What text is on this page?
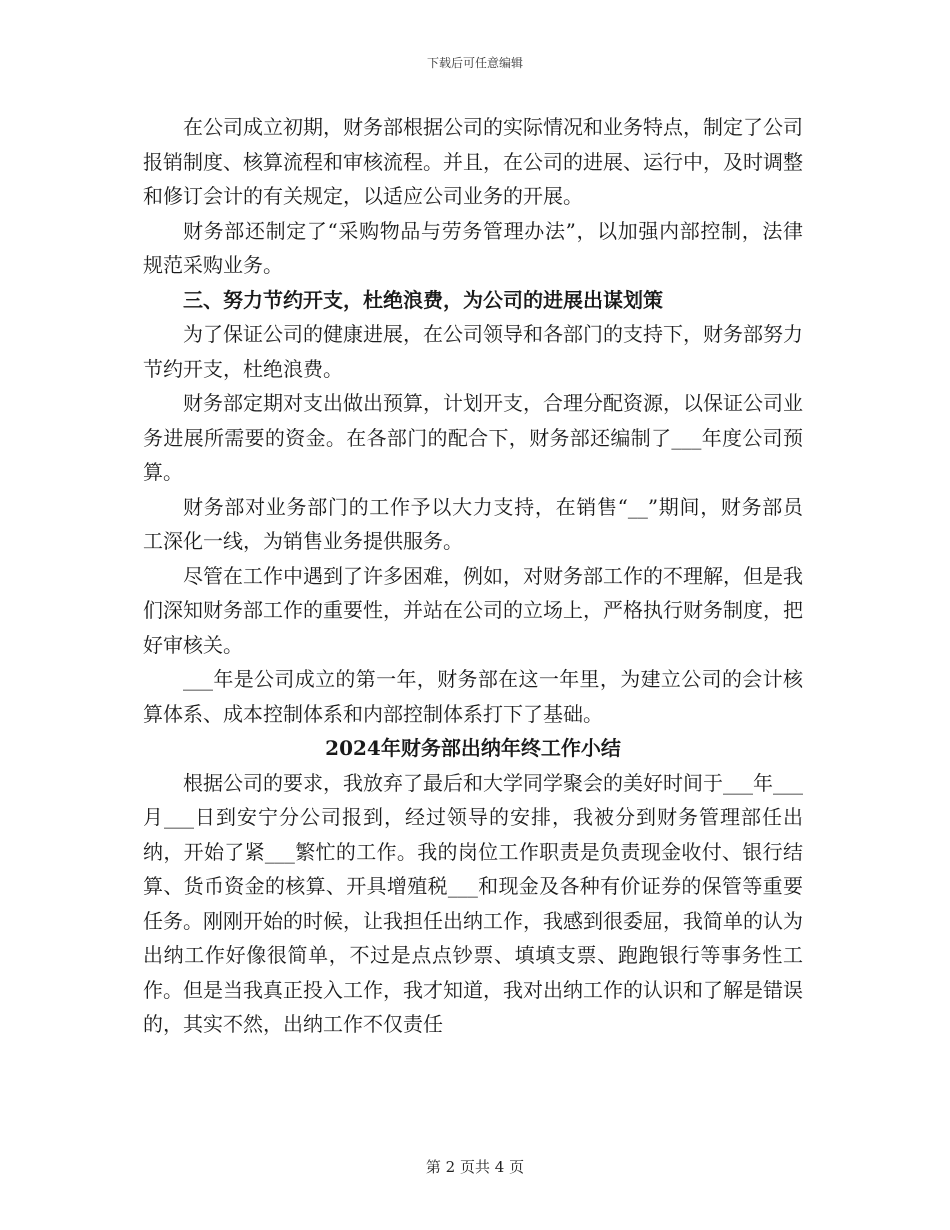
下载后可任意编辑

在公司成立初期，财务部根据公司的实际情况和业务特点，制定了公司报销制度、核算流程和审核流程。并且，在公司的进展、运行中，及时调整和修订会计的有关规定，以适应公司业务的开展。

财务部还制定了“采购物品与劳务管理办法”，以加强内部控制，法律规范采购业务。

三、努力节约开支，杜绝浪费，为公司的进展出谋划策

为了保证公司的健康进展，在公司领导和各部门的支持下，财务部努力节约开支，杜绝浪费。

财务部定期对支出做出预算，计划开支，合理分配资源，以保证公司业务进展所需要的资金。在各部门的配合下，财务部还编制了___年度公司预算。

财务部对业务部门的工作予以大力支持，在销售“__”期间，财务部员工深化一线，为销售业务提供服务。

尽管在工作中遇到了许多困难，例如，对财务部工作的不理解，但是我们深知财务部工作的重要性，并站在公司的立场上，严格执行财务制度，把好审核关。

___年是公司成立的第一年，财务部在这一年里，为建立公司的会计核算体系、成本控制体系和内部控制体系打下了基础。

2024年财务部出纳年终工作小结

根据公司的要求，我放弃了最后和大学同学聚会的美好时间于___年___月___日到安宁分公司报到，经过领导的安排，我被分到财务管理部任出纳，开始了紧___繁忙的工作。我的岗位工作职责是负责现金收付、银行结算、货币资金的核算、开具增殖税___和现金及各种有价证券的保管等重要任务。刚刚开始的时候，让我担任出纳工作，我感到很委屈，我简单的认为出纳工作好像很简单，不过是点点钞票、填填支票、跑跑银行等事务性工作。但是当我真正投入工作，我才知道，我对出纳工作的认识和了解是错误的，其实不然，出纳工作不仅责任

第 2 页共 4 页
